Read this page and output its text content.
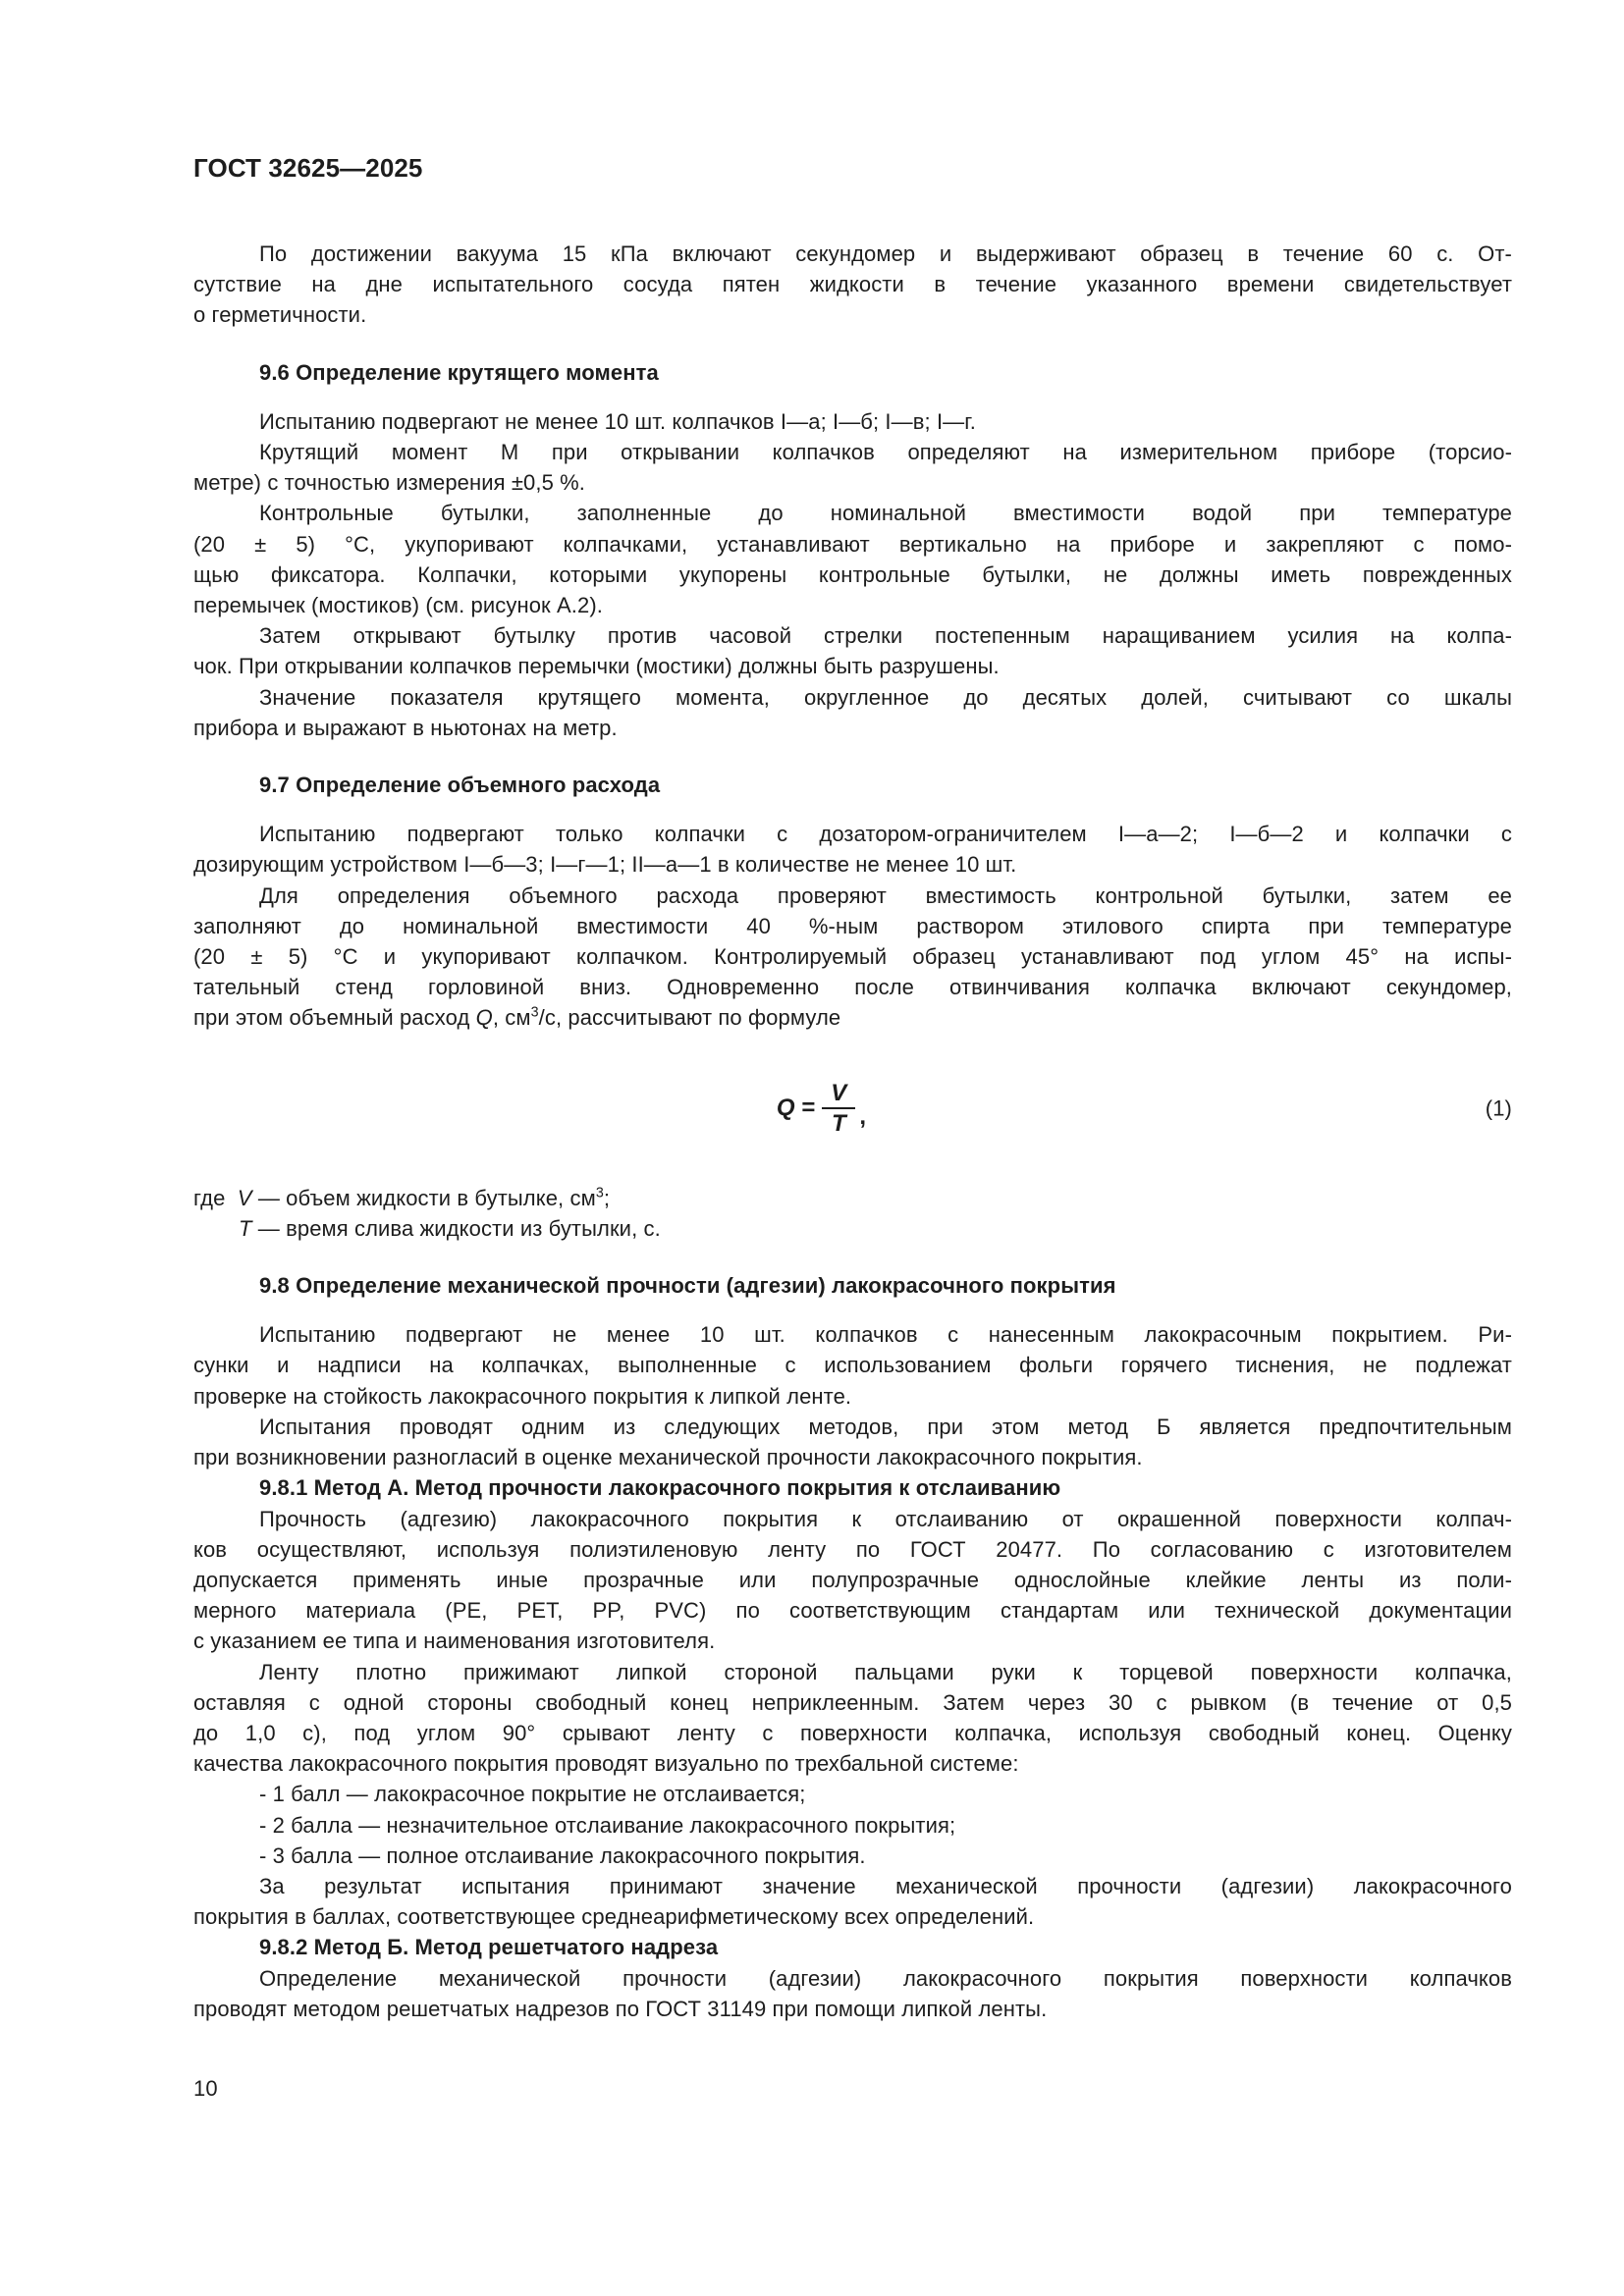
ГОСТ 32625—2025
По достижении вакуума 15 кПа включают секундомер и выдерживают образец в течение 60 с. От-
сутствие на дне испытательного сосуда пятен жидкости в течение указанного времени свидетельствует
о герметичности.
9.6 Определение крутящего момента
Испытанию подвергают не менее 10 шт. колпачков I—а; I—б; I—в; I—г.
Крутящий момент М при открывании колпачков определяют на измерительном приборе (торсио-
метре) с точностью измерения ±0,5 %.
Контрольные бутылки, заполненные до номинальной вместимости водой при температуре
(20 ± 5) °С, укупоривают колпачками, устанавливают вертикально на приборе и закрепляют с помо-
щью фиксатора. Колпачки, которыми укупорены контрольные бутылки, не должны иметь поврежденных
перемычек (мостиков) (см. рисунок А.2).
Затем открывают бутылку против часовой стрелки постепенным наращиванием усилия на колпа-
чок. При открывании колпачков перемычки (мостики) должны быть разрушены.
Значение показателя крутящего момента, округленное до десятых долей, считывают со шкалы
прибора и выражают в ньютонах на метр.
9.7 Определение объемного расхода
Испытанию подвергают только колпачки с дозатором-ограничителем I—а—2; I—б—2 и колпачки с
дозирующим устройством I—б—3; I—г—1; II—а—1 в количестве не менее 10 шт.
Для определения объемного расхода проверяют вместимость контрольной бутылки, затем ее
заполняют до номинальной вместимости 40 %-ным раствором этилового спирта при температуре
(20 ± 5) °С и укупоривают колпачком. Контролируемый образец устанавливают под углом 45° на испы-
тательный стенд горловиной вниз. Одновременно после отвинчивания колпачка включают секундомер,
при этом объемный расход Q, $см^3/с$, рассчитывают по формуле
$Q = \frac{V}{T}$ ,	(1)
где  V — объем жидкости в бутылке, $см^3$;
T — время слива жидкости из бутылки, с.
9.8 Определение механической прочности (адгезии) лакокрасочного покрытия
Испытанию подвергают не менее 10 шт. колпачков с нанесенным лакокрасочным покрытием. Ри-
сунки и надписи на колпачках, выполненные с использованием фольги горячего тиснения, не подлежат
проверке на стойкость лакокрасочного покрытия к липкой ленте.
Испытания проводят одним из следующих методов, при этом метод Б является предпочтительным
при возникновении разногласий в оценке механической прочности лакокрасочного покрытия.
9.8.1 Метод А. Метод прочности лакокрасочного покрытия к отслаиванию
Прочность (адгезию) лакокрасочного покрытия к отслаиванию от окрашенной поверхности колпач-
ков осуществляют, используя полиэтиленовую ленту по ГОСТ 20477. По согласованию с изготовителем
допускается применять иные прозрачные или полупрозрачные однослойные клейкие ленты из поли-
мерного материала (PE, PET, PP, PVC) по соответствующим стандартам или технической документации
с указанием ее типа и наименования изготовителя.
Ленту плотно прижимают липкой стороной пальцами руки к торцевой поверхности колпачка,
оставляя с одной стороны свободный конец неприклеенным. Затем через 30 с рывком (в течение от 0,5
до 1,0 с), под углом 90° срывают ленту с поверхности колпачка, используя свободный конец. Оценку
качества лакокрасочного покрытия проводят визуально по трехбальной системе:
- 1 балл — лакокрасочное покрытие не отслаивается;
- 2 балла — незначительное отслаивание лакокрасочного покрытия;
- 3 балла — полное отслаивание лакокрасочного покрытия.
За результат испытания принимают значение механической прочности (адгезии) лакокрасочного
покрытия в баллах, соответствующее среднеарифметическому всех определений.
9.8.2 Метод Б. Метод решетчатого надреза
Определение механической прочности (адгезии) лакокрасочного покрытия поверхности колпачков
проводят методом решетчатых надрезов по ГОСТ 31149 при помощи липкой ленты.
10
